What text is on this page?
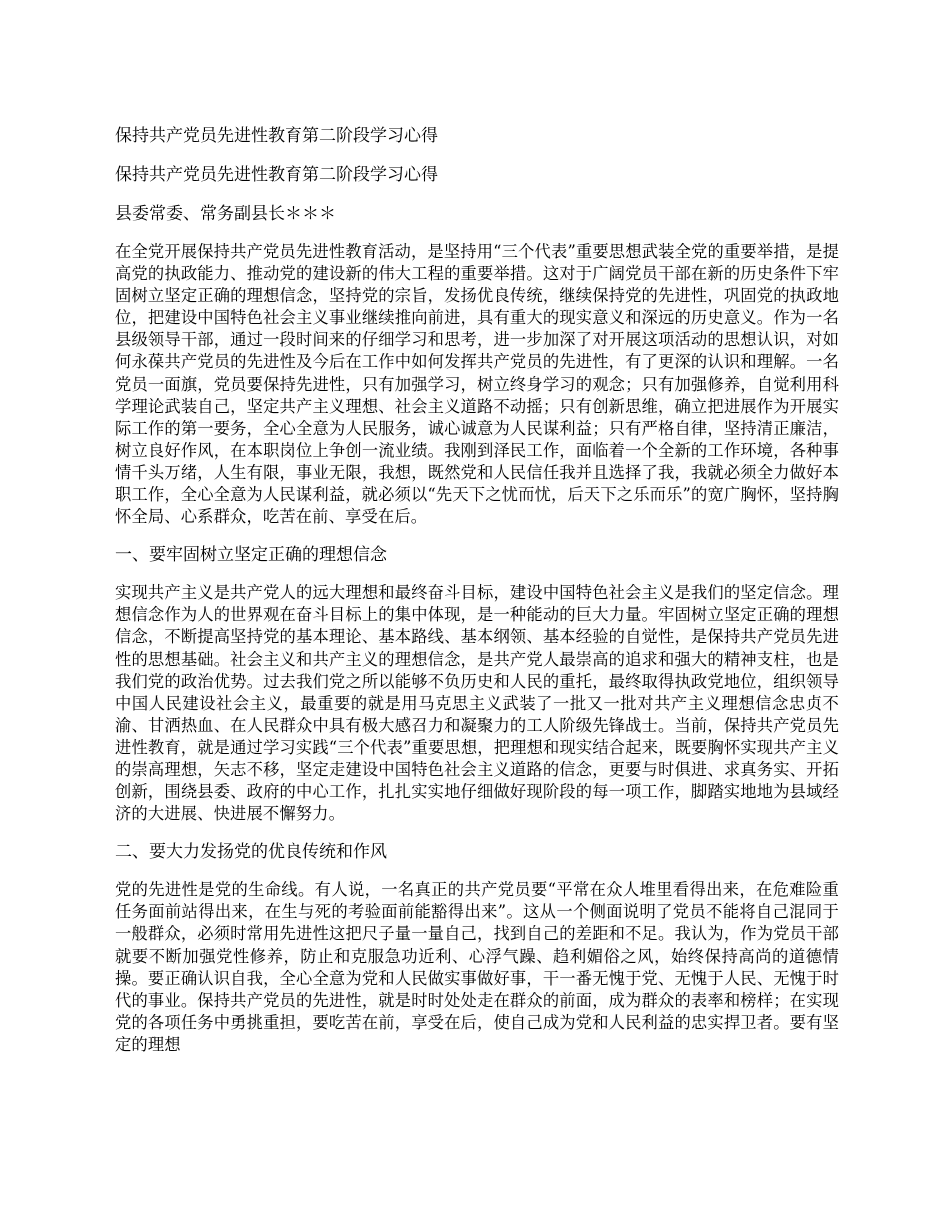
保持共产党员先进性教育第二阶段学习心得

保持共产党员先进性教育第二阶段学习心得

县委常委、常务副县长＊＊＊

在全党开展保持共产党员先进性教育活动，是坚持用“三个代表”重要思想武装全党的重要举措，是提高党的执政能力、推动党的建设新的伟大工程的重要举措。这对于广阔党员干部在新的历史条件下牢固树立坚定正确的理想信念，坚持党的宗旨，发扬优良传统，继续保持党的先进性，巩固党的执政地位，把建设中国特色社会主义事业继续推向前进，具有重大的现实意义和深远的历史意义。作为一名县级领导干部，通过一段时间来的仔细学习和思考，进一步加深了对开展这项活动的思想认识，对如何永葆共产党员的先进性及今后在工作中如何发挥共产党员的先进性，有了更深的认识和理解。一名党员一面旗，党员要保持先进性，只有加强学习，树立终身学习的观念；只有加强修养，自觉利用科学理论武装自己，坚定共产主义理想、社会主义道路不动摇；只有创新思维，确立把进展作为开展实际工作的第一要务，全心全意为人民服务，诚心诚意为人民谋利益；只有严格自律，坚持清正廉洁，树立良好作风，在本职岗位上争创一流业绩。我刚到泽民工作，面临着一个全新的工作环境，各种事情千头万绪，人生有限，事业无限，我想，既然党和人民信任我并且选择了我，我就必须全力做好本职工作，全心全意为人民谋利益，就必须以“先天下之忧而忧，后天下之乐而乐”的宽广胸怀，坚持胸怀全局、心系群众，吃苦在前、享受在后。

一、要牢固树立坚定正确的理想信念

实现共产主义是共产党人的远大理想和最终奋斗目标，建设中国特色社会主义是我们的坚定信念。理想信念作为人的世界观在奋斗目标上的集中体现，是一种能动的巨大力量。牢固树立坚定正确的理想信念，不断提高坚持党的基本理论、基本路线、基本纲领、基本经验的自觉性，是保持共产党员先进性的思想基础。社会主义和共产主义的理想信念，是共产党人最崇高的追求和强大的精神支柱，也是我们党的政治优势。过去我们党之所以能够不负历史和人民的重托，最终取得执政党地位，组织领导中国人民建设社会主义，最重要的就是用马克思主义武装了一批又一批对共产主义理想信念忠贞不渝、甘洒热血、在人民群众中具有极大感召力和凝聚力的工人阶级先锋战士。当前，保持共产党员先进性教育，就是通过学习实践“三个代表”重要思想，把理想和现实结合起来，既要胸怀实现共产主义的崇高理想，矢志不移，坚定走建设中国特色社会主义道路的信念，更要与时俱进、求真务实、开拓创新，围绕县委、政府的中心工作，扎扎实实地仔细做好现阶段的每一项工作，脚踏实地地为县域经济的大进展、快进展不懈努力。

二、要大力发扬党的优良传统和作风

党的先进性是党的生命线。有人说，一名真正的共产党员要“平常在众人堆里看得出来，在危难险重任务面前站得出来，在生与死的考验面前能豁得出来”。这从一个侧面说明了党员不能将自己混同于一般群众，必须时常用先进性这把尺子量一量自己，找到自己的差距和不足。我认为，作为党员干部就要不断加强党性修养，防止和克服急功近利、心浮气躁、趋利媚俗之风，始终保持高尚的道德情操。要正确认识自我，全心全意为党和人民做实事做好事，干一番无愧于党、无愧于人民、无愧于时代的事业。保持共产党员的先进性，就是时时处处走在群众的前面，成为群众的表率和榜样；在实现党的各项任务中勇挑重担，要吃苦在前，享受在后，使自己成为党和人民利益的忠实捍卫者。要有坚定的理想
